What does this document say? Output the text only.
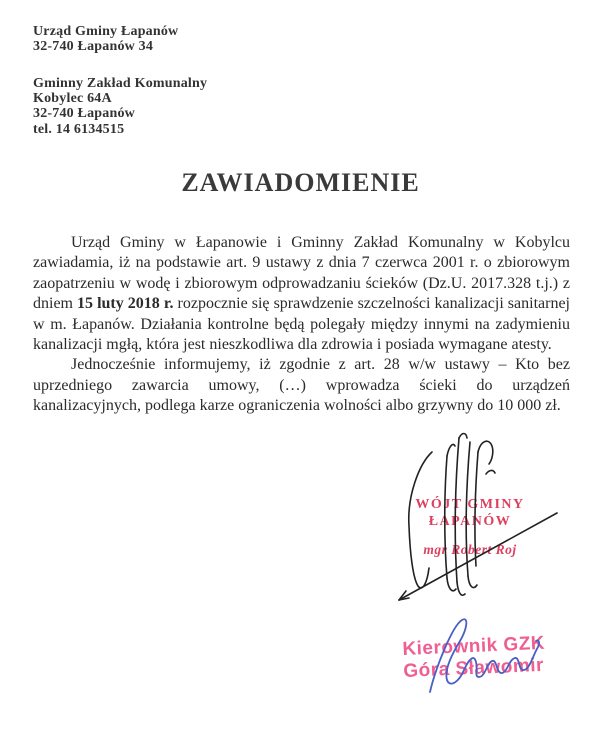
Urząd Gminy Łapanów
32-740 Łapanów 34
Gminny Zakład Komunalny
Kobylec 64A
32-740 Łapanów
tel. 14 6134515
ZAWIADOMIENIE

Urząd Gminy w Łapanowie i Gminny Zakład Komunalny w Kobylcu zawiadamia, iż na podstawie art. 9 ustawy z dnia 7 czerwca 2001 r. o zbiorowym zaopatrzeniu w wodę i zbiorowym odprowadzaniu ścieków (Dz.U. 2017.328 t.j.) z dniem 15 luty 2018 r. rozpocznie się sprawdzenie szczelności kanalizacji sanitarnej w m. Łapanów. Działania kontrolne będą polegały między innymi na zadymieniu kanalizacji mgłą, która jest nieszkodliwa dla zdrowia i posiada wymagane atesty.

Jednocześnie informujemy, iż zgodnie z art. 28 w/w ustawy – Kto bez uprzedniego zawarcia umowy, (…) wprowadza ścieki do urządzeń kanalizacyjnych, podlega karze ograniczenia wolności albo grzywny do 10 000 zł.

WÓJT GMINY
ŁAPANÓW
mgr Robert Roj
Kierownik GZK
Góra Sławomir
